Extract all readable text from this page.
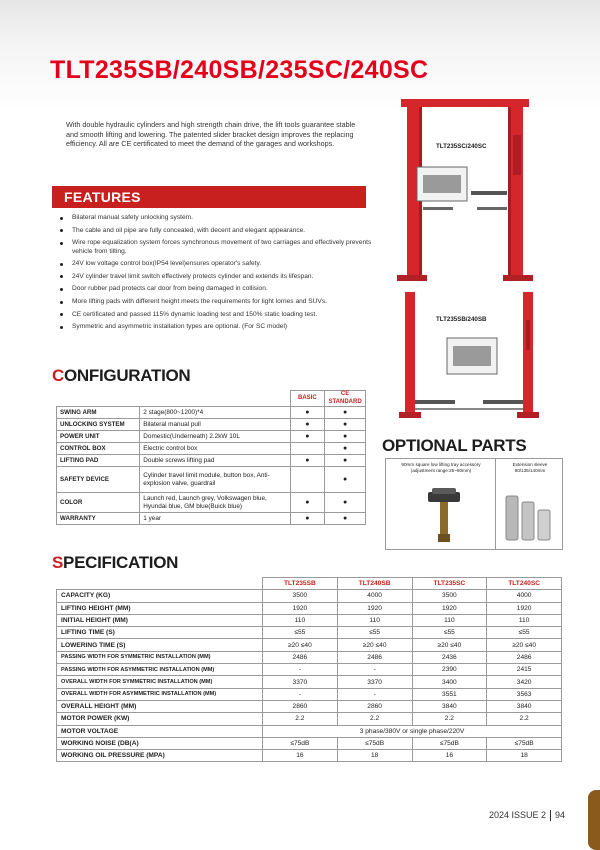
TLT235SB/240SB/235SC/240SC

With double hydraulic cylinders and high strength chain drive, the lift tools guarantee stable and smooth lifting and lowering. The patented slider bracket design improves the replacing efficiency. All are CE certificated to meet the demand of the garages and workshops.	TLT235SC/240SC
TLT235SB/240SB
FEATURES
Bilateral manual safety unlocking system.
The cable and oil pipe are fully concealed, with decent and elegant appearance.
Wire rope equalization system forces synchronous movement of two carriages and effectively prevents vehicle from tilting.
24V low voltage control box(IP54 level)ensures operator's safety.
24V cylinder travel limit switch effectively protects cylinder and extends its lifespan.
Door rubber pad protects car door from being damaged in collision.
More lifting pads with different height meets the requirements for light lorries and SUVs.
CE certificated and passed 115% dynamic loading test and 150% static loading test.
Symmetric and asymmetric installation types are optional. (For SC model)
CONFIGURATION
		BASIC	CE STANDARD
SWING ARM	2 stage(800~1200)*4	●	●
UNLOCKING SYSTEM	Bilateral manual pull	●	●
POWER UNIT	Domestic(Underneath) 2.2kW 10L	●	●
CONTROL BOX	Electric control box		●
LIFTING PAD	Double screws lifting pad	●	●
SAFETY DEVICE	Cylinder travel limit module, button box, Anti-explosion valve, guardrail		●
COLOR	Launch red, Launch grey, Volkswagen blue, Hyundai blue, GM blue(Buick blue)	●	●
WARRANTY	1 year	●	●
OPTIONAL PARTS
90mm square low lifting tray accessory (adjustment range:25~90mm)
Extension sleeve 90/135/140mm
SPECIFICATION
	TLT235SB	TLT240SB	TLT235SC	TLT240SC
CAPACITY (KG)	3500	4000	3500	4000
LIFTING HEIGHT (MM)	1920	1920	1920	1920
INITIAL HEIGHT (MM)	110	110	110	110
LIFTING TIME (S)	≤55	≤55	≤55	≤55
LOWERING TIME (S)	≥20 ≤40	≥20 ≤40	≥20 ≤40	≥20 ≤40
PASSING WIDTH FOR SYMMETRIC INSTALLATION (MM)	2486	2486	2436	2486
PASSING WIDTH FOR ASYMMETRIC INSTALLATION (MM)	-	-	2390	2415
OVERALL WIDTH FOR SYMMETRIC INSTALLATION (MM)	3370	3370	3400	3420
OVERALL WIDTH FOR ASYMMETRIC INSTALLATION (MM)	-	-	3551	3563
OVERALL HEIGHT (MM)	2860	2860	3840	3840
MOTOR POWER (KW)	2.2	2.2	2.2	2.2
MOTOR VOLTAGE	3 phase/380V or single phase/220V			
WORKING NOISE (DB(A)	≤75dB	≤75dB	≤75dB	≤75dB
WORKING OIL PRESSURE (MPA)	16	18	16	18
2024 ISSUE 2 94
